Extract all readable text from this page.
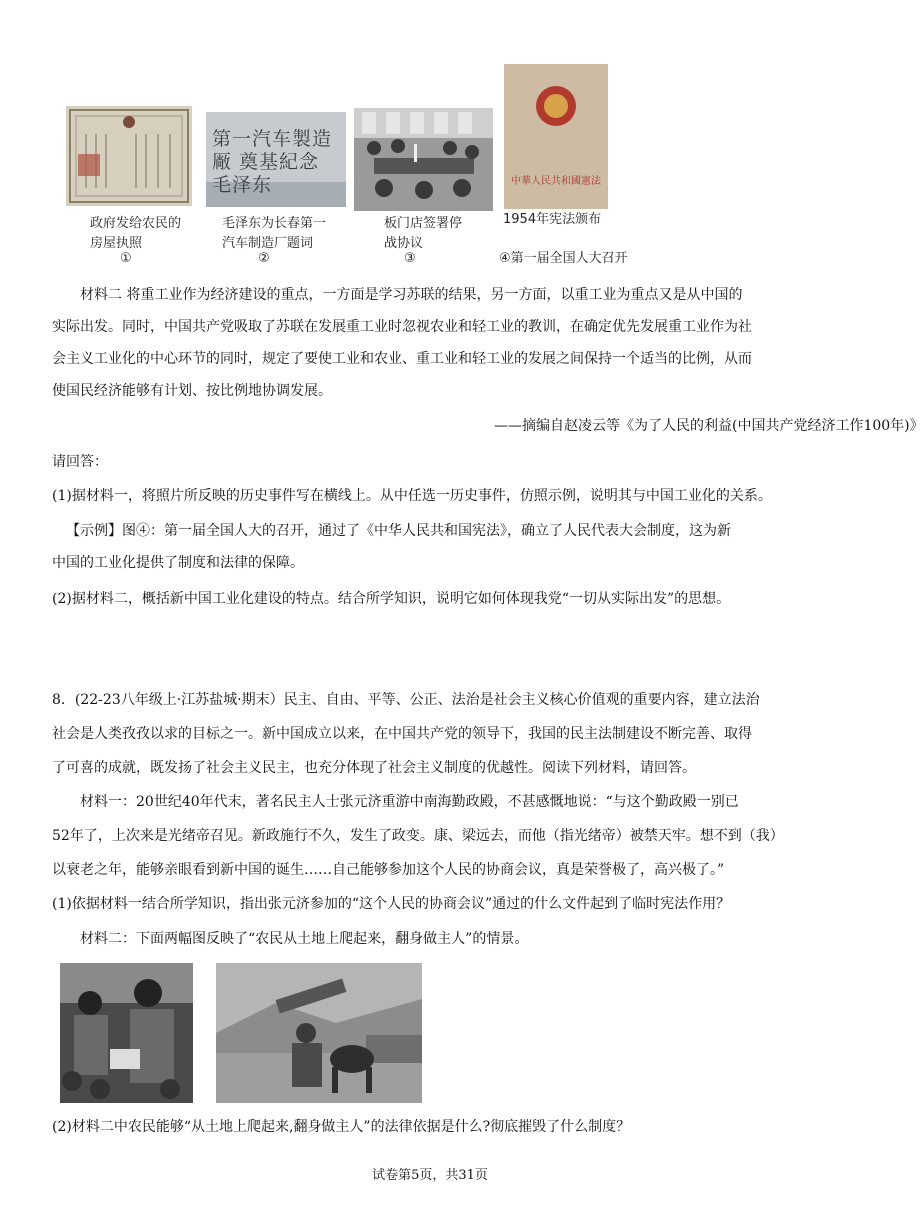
第一汽车製造厰 奠基紀念 毛泽东	中華人民共和國憲法
政府发给农民的
房屋执照
①
毛泽东为长春第一
汽车制造厂题词
②
板门店签署停
战协议
③
1954年宪法颁布
④第一届全国人大召开
材料二 将重工业作为经济建设的重点，一方面是学习苏联的结果，另一方面，以重工业为重点又是从中国的
实际出发。同时，中国共产党吸取了苏联在发展重工业时忽视农业和轻工业的教训，在确定优先发展重工业作为社
会主义工业化的中心环节的同时，规定了要使工业和农业、重工业和轻工业的发展之间保持一个适当的比例，从而
使国民经济能够有计划、按比例地协调发展。
——摘编自赵凌云等《为了人民的利益(中国共产党经济工作100年)》
请回答：
(1)据材料一，将照片所反映的历史事件写在横线上。从中任选一历史事件，仿照示例，说明其与中国工业化的关系。
【示例】图④：第一届全国人大的召开，通过了《中华人民共和国宪法》，确立了人民代表大会制度，这为新
中国的工业化提供了制度和法律的保障。
(2)据材料二，概括新中国工业化建设的特点。结合所学知识，说明它如何体现我党“一切从实际出发”的思想。
8．(22-23八年级上·江苏盐城·期末）民主、自由、平等、公正、法治是社会主义核心价值观的重要内容，建立法治
社会是人类孜孜以求的目标之一。新中国成立以来，在中国共产党的领导下，我国的民主法制建设不断完善、取得
了可喜的成就，既发扬了社会主义民主，也充分体现了社会主义制度的优越性。阅读下列材料，请回答。
材料一：20世纪40年代末，著名民主人士张元济重游中南海勤政殿，不甚感慨地说：“与这个勤政殿一别已
52年了，上次来是光绪帝召见。新政施行不久，发生了政变。康、梁远去，而他（指光绪帝）被禁天牢。想不到（我）
以衰老之年，能够亲眼看到新中国的诞生……自己能够参加这个人民的协商会议，真是荣誉极了，高兴极了。”
(1)依据材料一结合所学知识，指出张元济参加的“这个人民的协商会议”通过的什么文件起到了临时宪法作用？
材料二：下面两幅图反映了“农民从土地上爬起来，翻身做主人”的情景。
(2)材料二中农民能够“从土地上爬起来,翻身做主人”的法律依据是什么?彻底摧毁了什么制度？
试卷第5页，共31页
